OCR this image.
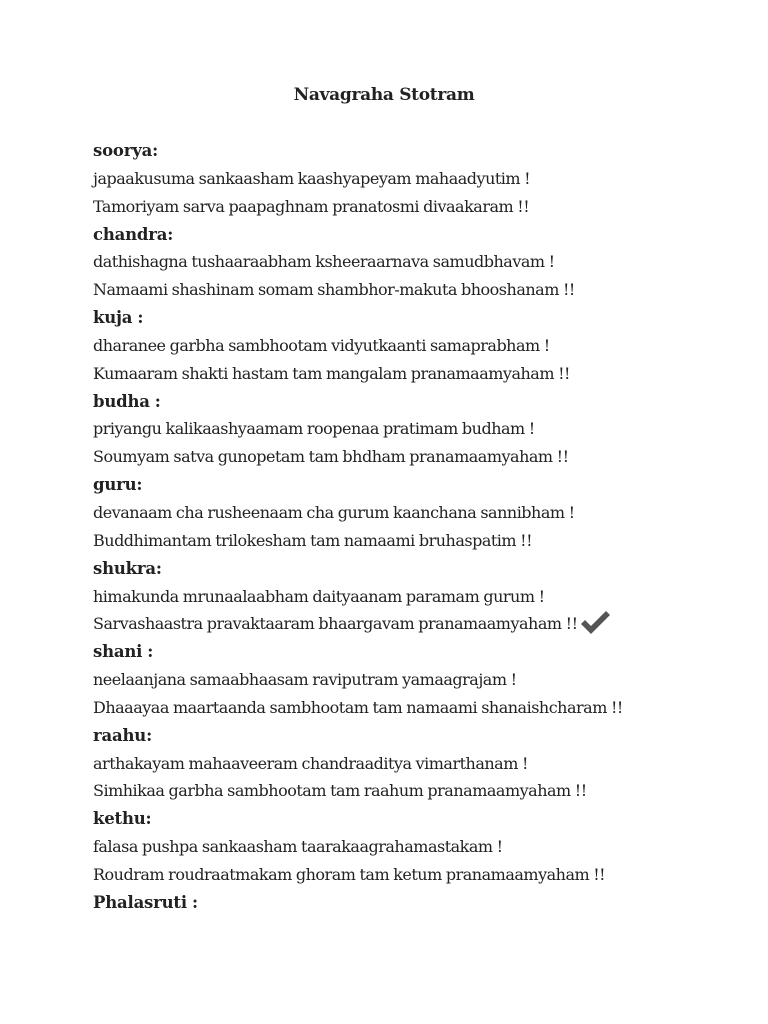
Navagraha Stotram
soorya:
japaakusuma sankaasham kaashyapeyam mahaadyutim !
Tamoriyam sarva paapaghnam pranatosmi divaakaram !!
chandra:
dathishagna tushaaraabham ksheeraarnava samudbhavam !
Namaami shashinam somam shambhor-makuta bhooshanam !!
kuja :
dharanee garbha sambhootam vidyutkaanti samaprabham !
Kumaaram shakti hastam tam mangalam pranamaamyaham !!
budha :
priyangu kalikaashyaamam roopenaa pratimam budham !
Soumyam satva gunopetam tam bhdham pranamaamyaham !!
guru:
devanaam cha rusheenaam cha gurum kaanchana sannibham !
Buddhimantam trilokesham tam namaami bruhaspatim !!
shukra:
himakunda mrunaalaabham daityaanam paramam gurum !
Sarvashaastra pravaktaaram bhaargavam pranamaamyaham !!
shani :
neelaanjana samaabhaasam raviputram yamaagrajam !
Dhaaayaa maartaanda sambhootam tam namaami shanaishcharam !!
raahu:
arthakayam mahaaveeram chandraaditya vimarthanam !
Simhikaa garbha sambhootam tam raahum pranamaamyaham !!
kethu:
falasa pushpa sankaasham taarakaagrahamastakam !
Roudram roudraatmakam ghoram tam ketum pranamaamyaham !!
Phalasruti :
